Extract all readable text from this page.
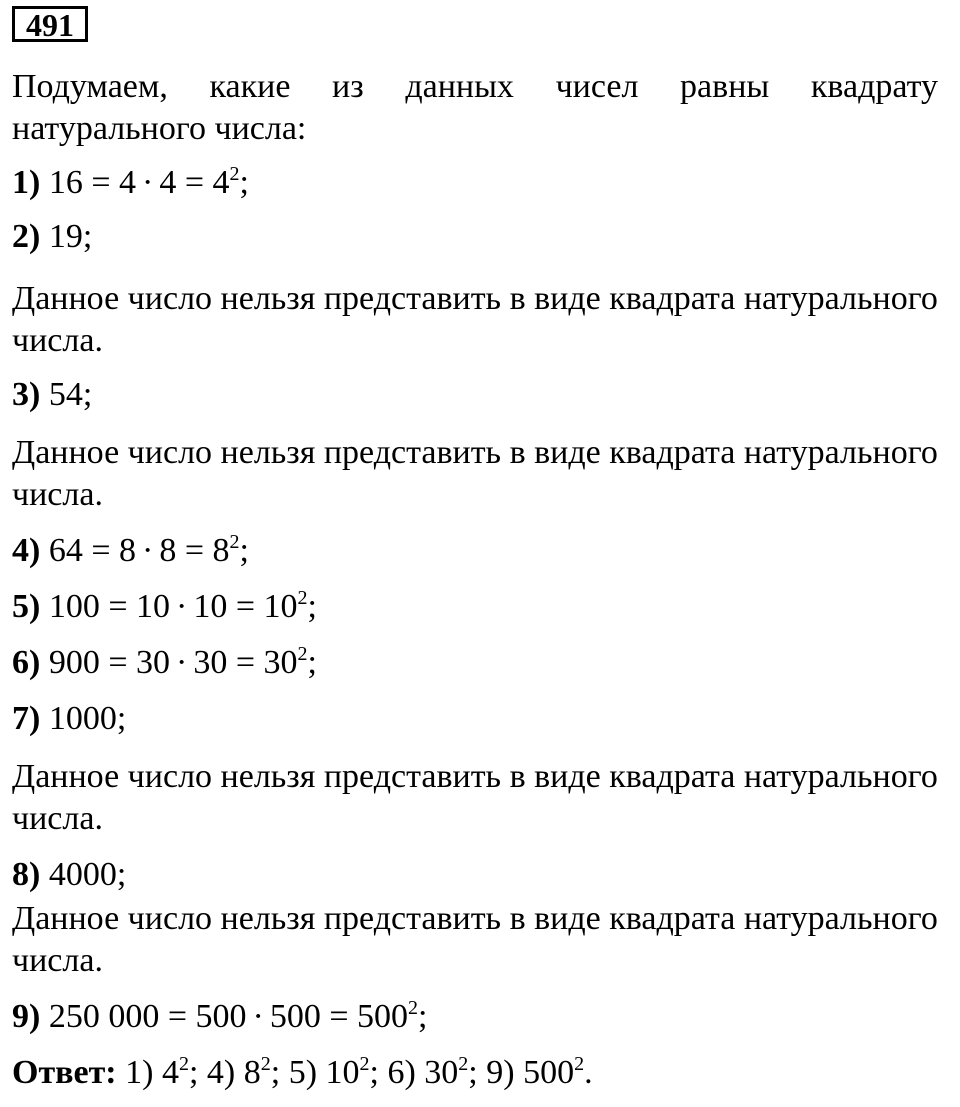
491
Подумаем, какие из данных чисел равны квадрату
натурального числа:
1) $16 = 4 \cdot 4 = 4^2$;
2) 19;
Данное число нельзя представить в виде квадрата натурального
числа.
3) 54;
Данное число нельзя представить в виде квадрата натурального
числа.
4) $64 = 8 \cdot 8 = 8^2$;
5) $100 = 10 \cdot 10 = 10^2$;
6) $900 = 30 \cdot 30 = 30^2$;
7) 1000;
Данное число нельзя представить в виде квадрата натурального
числа.
8) 4000;
Данное число нельзя представить в виде квадрата натурального
числа.
9) 250 $000 = 500 \cdot 500 = 500^2$;
Ответ: 1) $4^2$; 4) $8^2$; 5) $10^2$; 6) $30^2$; 9) $500^2$.
